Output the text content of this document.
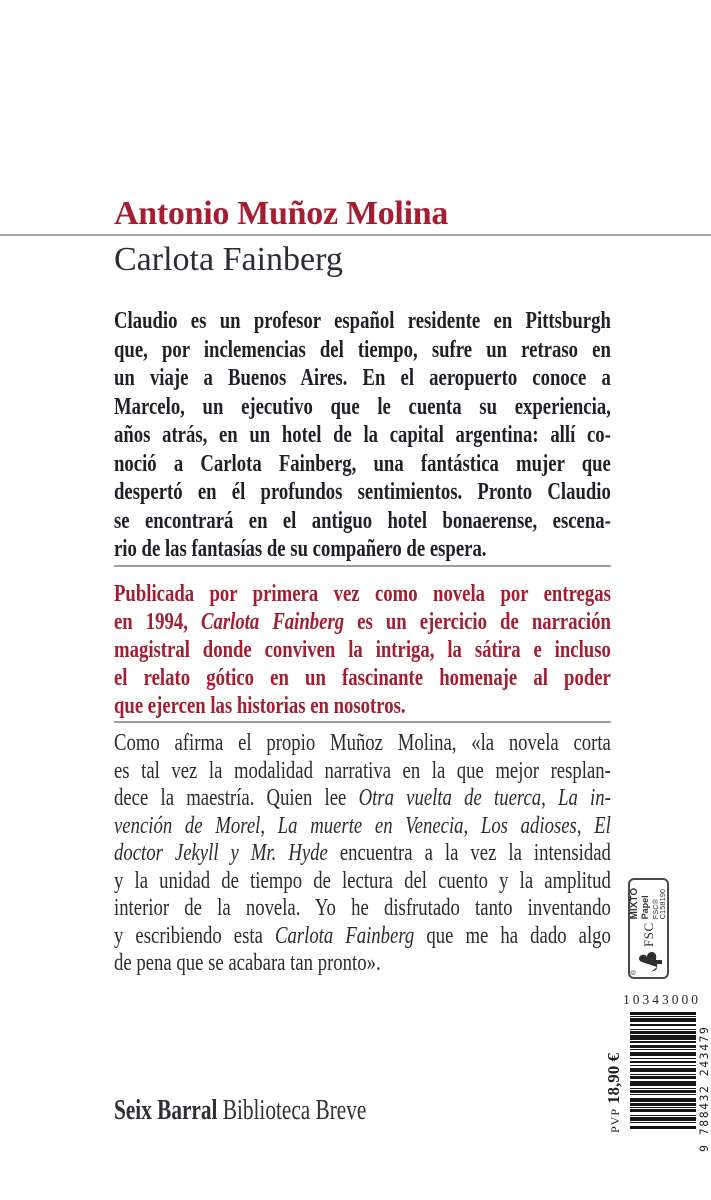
Antonio Muñoz Molina
Carlota Fainberg
Claudio es un profesor español residente en Pittsburgh
que, por inclemencias del tiempo, sufre un retraso en
un viaje a Buenos Aires. En el aeropuerto conoce a
Marcelo, un ejecutivo que le cuenta su experiencia,
años atrás, en un hotel de la capital argentina: allí co-
noció a Carlota Fainberg, una fantástica mujer que
despertó en él profundos sentimientos. Pronto Claudio
se encontrará en el antiguo hotel bonaerense, escena-
rio de las fantasías de su compañero de espera.
Publicada por primera vez como novela por entregas
en 1994, Carlota Fainberg es un ejercicio de narración
magistral donde conviven la intriga, la sátira e incluso
el relato gótico en un fascinante homenaje al poder
que ejercen las historias en nosotros.
Como afirma el propio Muñoz Molina, «la novela corta
es tal vez la modalidad narrativa en la que mejor resplan-
dece la maestría. Quien lee Otra vuelta de tuerca, La in-
vención de Morel, La muerte en Venecia, Los adioses, El
doctor Jekyll y Mr. Hyde encuentra a la vez la intensidad
y la unidad de tiempo de lectura del cuento y la amplitud
interior de la novela. Yo he disfrutado tanto inventando
y escribiendo esta Carlota Fainberg que me ha dado algo
de pena que se acabara tan pronto».	®
FSC
MIXTO Papel FSC® C158190
10343000
9 788432 243479
PVP 18,90 €
Seix Barral Biblioteca Breve
